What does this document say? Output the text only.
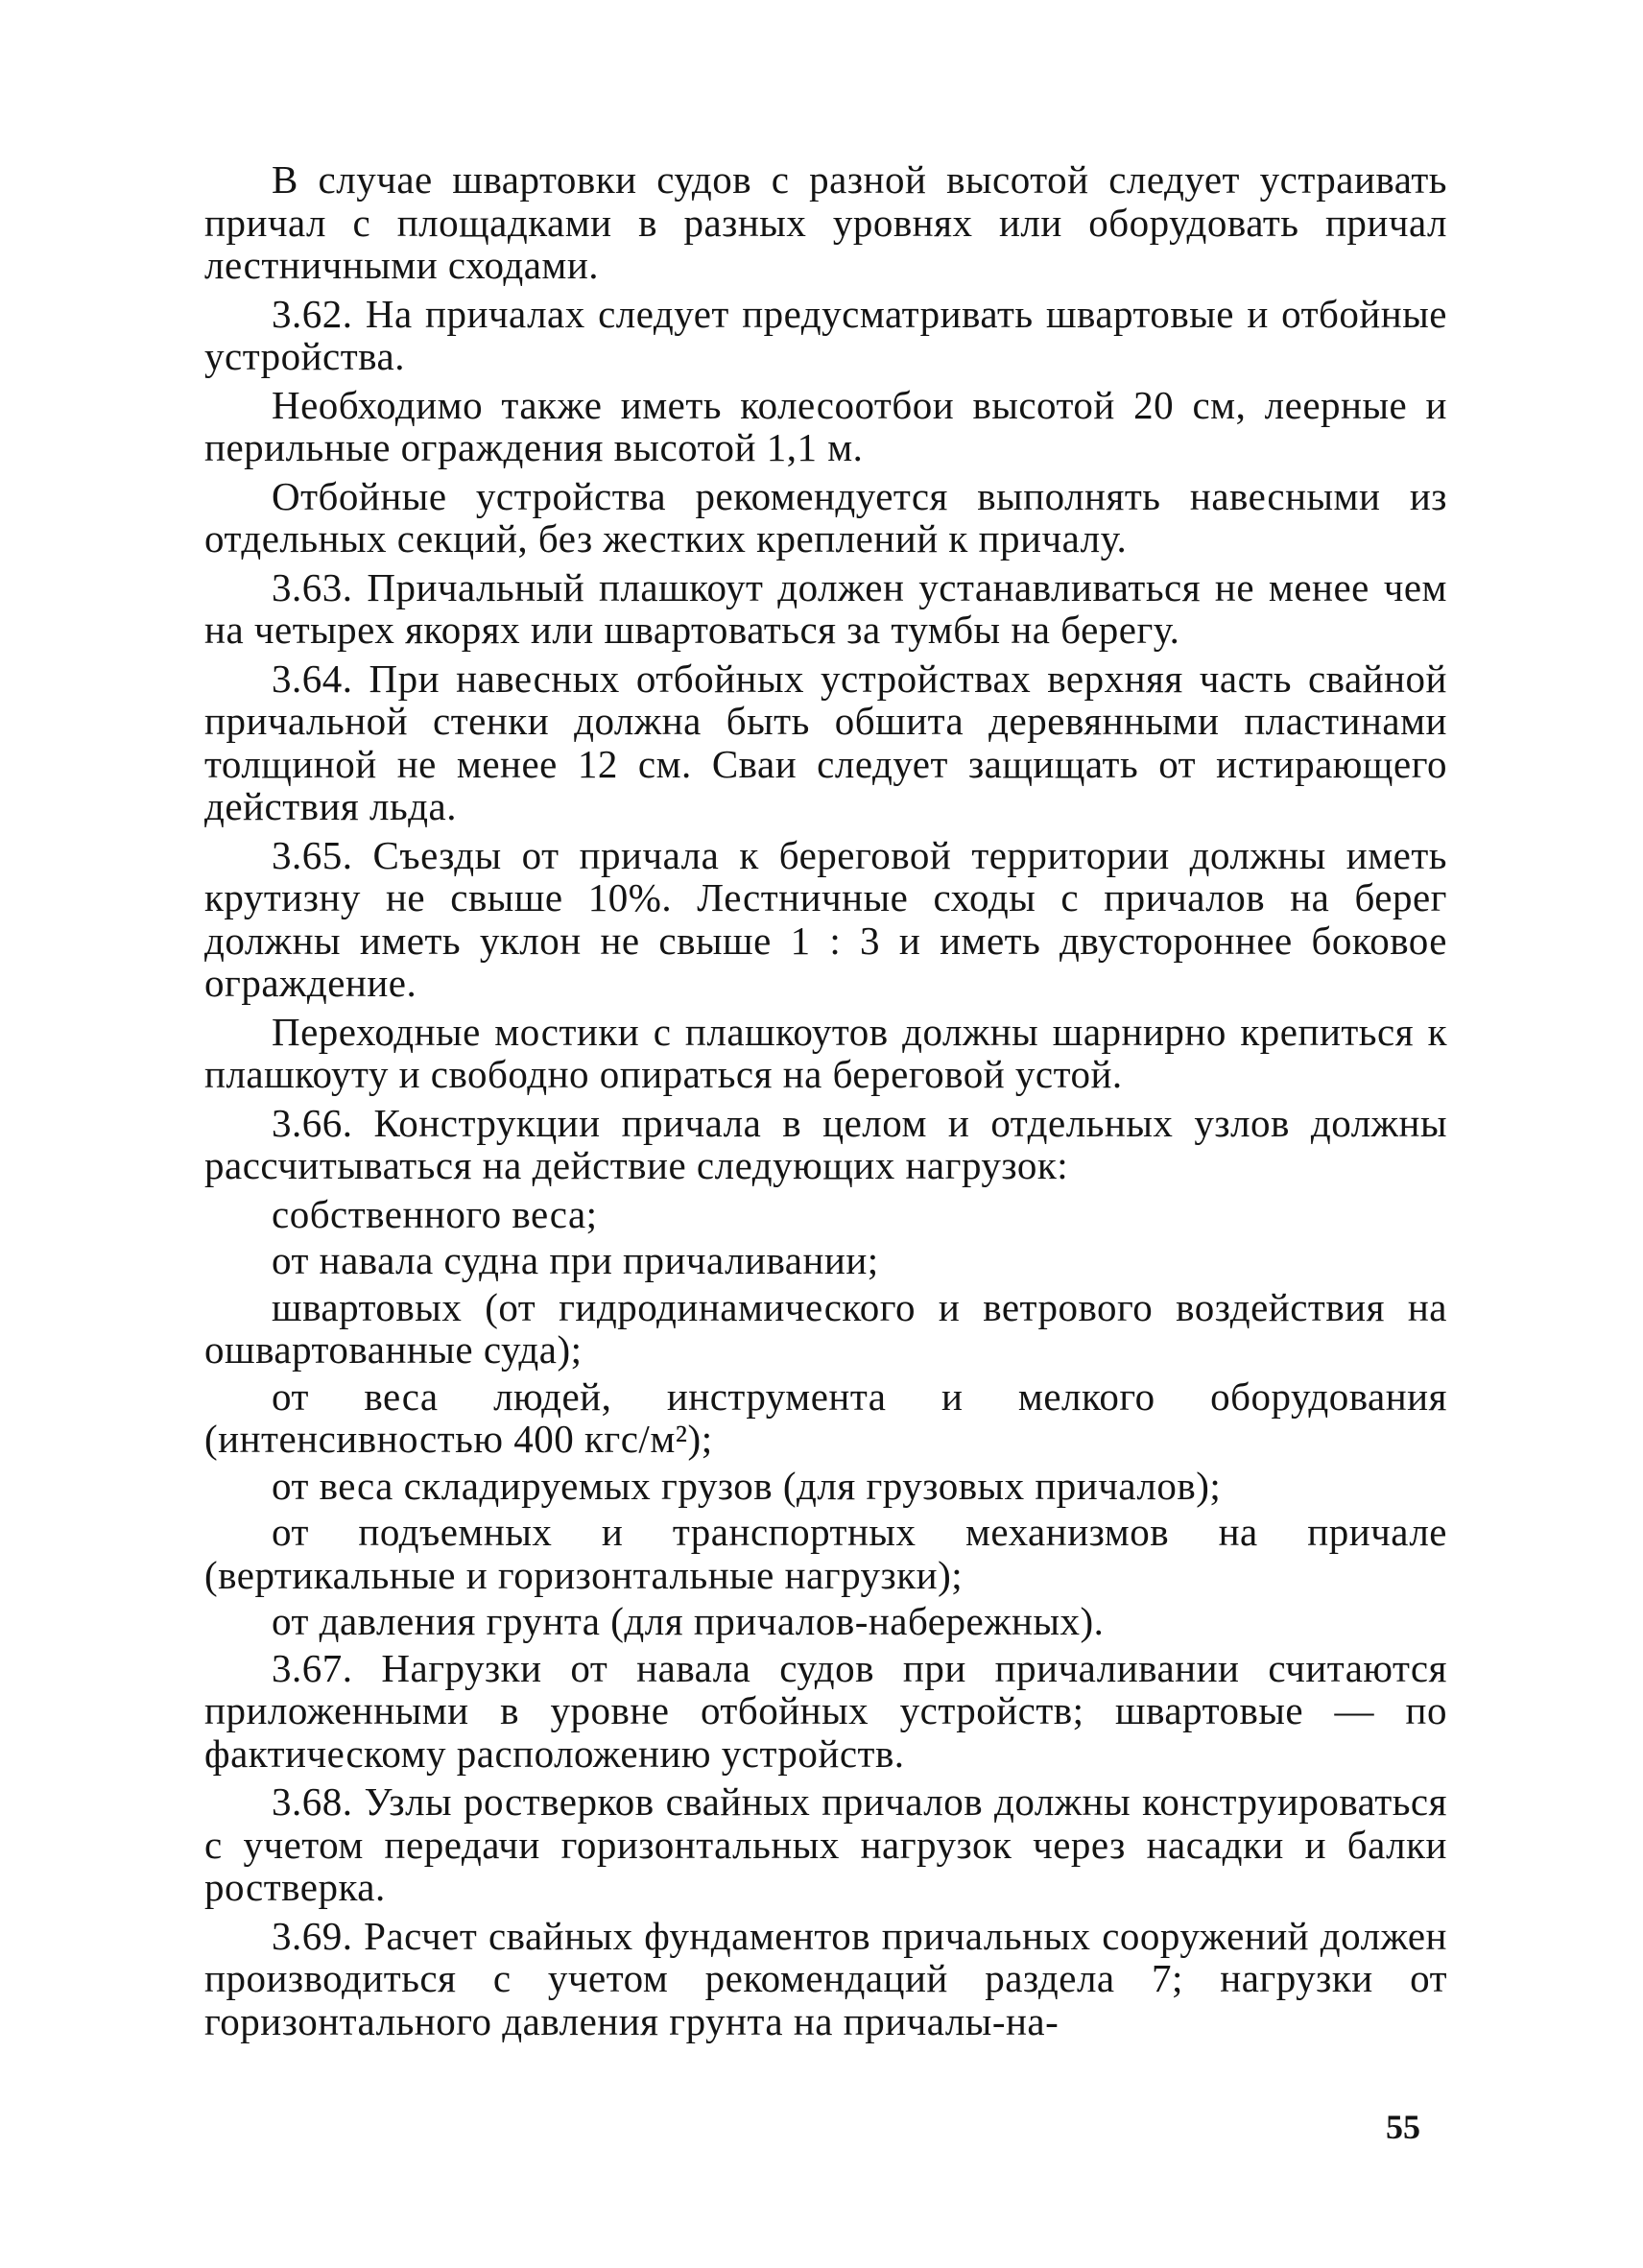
В случае швартовки судов с разной высотой следует устраивать причал с площадками в разных уровнях или оборудовать причал лестничными сходами.

3.62. На причалах следует предусматривать швартовые и отбойные устройства.

Необходимо также иметь колесоотбои высотой 20 см, леерные и перильные ограждения высотой 1,1 м.

Отбойные устройства рекомендуется выполнять навесными из отдельных секций, без жестких креплений к причалу.

3.63. Причальный плашкоут должен устанавливаться не менее чем на четырех якорях или швартоваться за тумбы на берегу.

3.64. При навесных отбойных устройствах верхняя часть свайной причальной стенки должна быть обшита деревянными пластинами толщиной не менее 12 см. Сваи следует защищать от истирающего действия льда.

3.65. Съезды от причала к береговой территории должны иметь крутизну не свыше 10%. Лестничные сходы с причалов на берег должны иметь уклон не свыше 1 : 3 и иметь двустороннее боковое ограждение.

Переходные мостики с плашкоутов должны шарнирно крепиться к плашкоуту и свободно опираться на береговой устой.

3.66. Конструкции причала в целом и отдельных узлов должны рассчитываться на действие следующих нагрузок:

собственного веса;

от навала судна при причаливании;

швартовых (от гидродинамического и ветрового воздействия на ошвартованные суда);

от веса людей, инструмента и мелкого оборудования (интенсивностью 400 кгс/м²);

от веса складируемых грузов (для грузовых причалов);

от подъемных и транспортных механизмов на причале (вертикальные и горизонтальные нагрузки);

от давления грунта (для причалов-набережных).

3.67. Нагрузки от навала судов при причаливании считаются приложенными в уровне отбойных устройств; швартовые — по фактическому расположению устройств.

3.68. Узлы ростверков свайных причалов должны конструироваться с учетом передачи горизонтальных нагрузок через насадки и балки ростверка.

3.69. Расчет свайных фундаментов причальных сооружений должен производиться с учетом рекомендаций раздела 7; нагрузки от горизонтального давления грунта на причалы-на-

55
